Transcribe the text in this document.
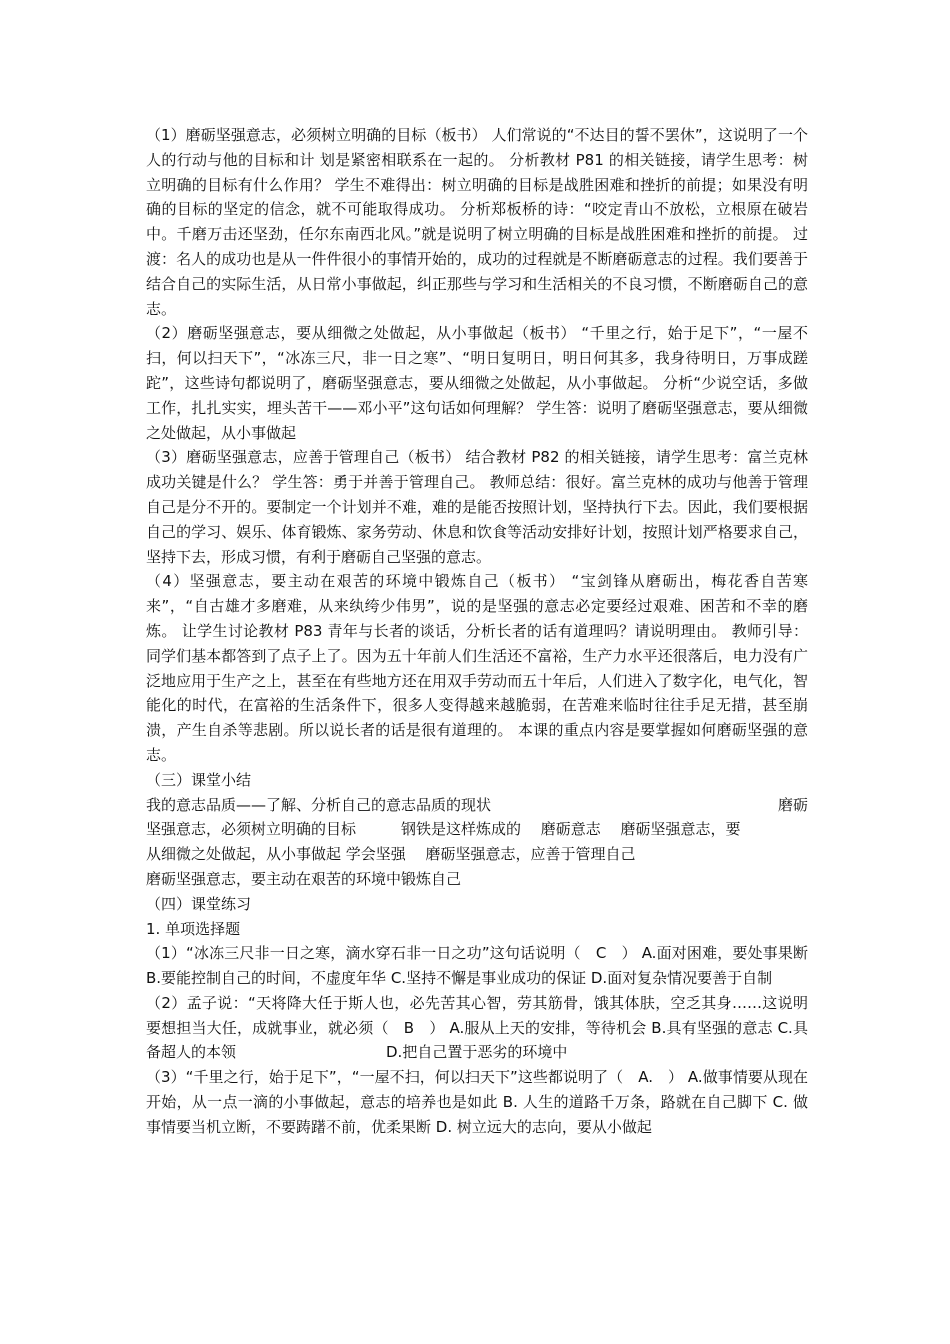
（1）磨砺坚强意志，必须树立明确的目标（板书） 人们常说的“不达目的誓不罢休”，这说明了一个人的行动与他的目标和计 划是紧密相联系在一起的。 分析教材 P81 的相关链接，请学生思考：树立明确的目标有什么作用？ 学生不难得出：树立明确的目标是战胜困难和挫折的前提；如果没有明确的目标的坚定的信念，就不可能取得成功。 分析郑板桥的诗：“咬定青山不放松，立根原在破岩中。千磨万击还坚劲，任尔东南西北风。”就是说明了树立明确的目标是战胜困难和挫折的前提。 过渡：名人的成功也是从一件件很小的事情开始的，成功的过程就是不断磨砺意志的过程。我们要善于结合自己的实际生活，从日常小事做起，纠正那些与学习和生活相关的不良习惯，不断磨砺自己的意志。

（2）磨砺坚强意志，要从细微之处做起，从小事做起（板书） “千里之行，始于足下”，“一屋不扫，何以扫天下”，“冰冻三尺，非一日之寒”、“明日复明日，明日何其多，我身待明日，万事成蹉跎”，这些诗句都说明了，磨砺坚强意志，要从细微之处做起，从小事做起。 分析“少说空话，多做工作，扎扎实实，埋头苦干——邓小平”这句话如何理解？ 学生答：说明了磨砺坚强意志，要从细微之处做起，从小事做起

（3）磨砺坚强意志，应善于管理自己（板书） 结合教材 P82 的相关链接，请学生思考：富兰克林成功关键是什么？ 学生答：勇于并善于管理自己。 教师总结：很好。富兰克林的成功与他善于管理自己是分不开的。要制定一个计划并不难，难的是能否按照计划，坚持执行下去。因此，我们要根据自己的学习、娱乐、体育锻炼、家务劳动、休息和饮食等活动安排好计划，按照计划严格要求自己，坚持下去，形成习惯，有利于磨砺自己坚强的意志。

（4）坚强意志，要主动在艰苦的环境中锻炼自己（板书） “宝剑锋从磨砺出，梅花香自苦寒来”，“自古雄才多磨难，从来纨绔少伟男”，说的是坚强的意志必定要经过艰难、困苦和不幸的磨炼。 让学生讨论教材 P83 青年与长者的谈话，分析长者的话有道理吗？请说明理由。 教师引导：同学们基本都答到了点子上了。因为五十年前人们生活还不富裕，生产力水平还很落后，电力没有广泛地应用于生产之上，甚至在有些地方还在用双手劳动而五十年后，人们进入了数字化，电气化，智能化的时代，在富裕的生活条件下，很多人变得越来越脆弱，在苦难来临时往往手足无措，甚至崩溃，产生自杀等悲剧。所以说长者的话是很有道理的。 本课的重点内容是要掌握如何磨砺坚强的意志。

（三）课堂小结

我的意志品质——了解、分析自己的意志品质的现状	磨砺

坚强意志，必须树立明确的目标　　　钢铁是这样炼成的　 磨砺意志　 磨砺坚强意志，要

从细微之处做起，从小事做起 学会坚强　 磨砺坚强意志，应善于管理自己

磨砺坚强意志，要主动在艰苦的环境中锻炼自己

（四）课堂练习

1. 单项选择题

（1）“冰冻三尺非一日之寒，滴水穿石非一日之功”这句话说明（　C　） A.面对困难，要处事果断　　　　　B.要能控制自己的时间，不虚度年华 C.坚持不懈是事业成功的保证 D.面对复杂情况要善于自制

（2）孟子说：“天将降大任于斯人也，必先苦其心智，劳其筋骨，饿其体肤，空乏其身……这说明要想担当大任，成就事业，就必须（　B　） A.服从上天的安排，等待机会 B.具有坚强的意志 C.具备超人的本领　　　　　　　　　　D.把自己置于恶劣的环境中

（3）“千里之行，始于足下”，“一屋不扫，何以扫天下”这些都说明了（　A.　） A.做事情要从现在开始，从一点一滴的小事做起，意志的培养也是如此 B. 人生的道路千万条，路就在自己脚下 C. 做事情要当机立断，不要踌躇不前，优柔果断 D. 树立远大的志向，要从小做起
